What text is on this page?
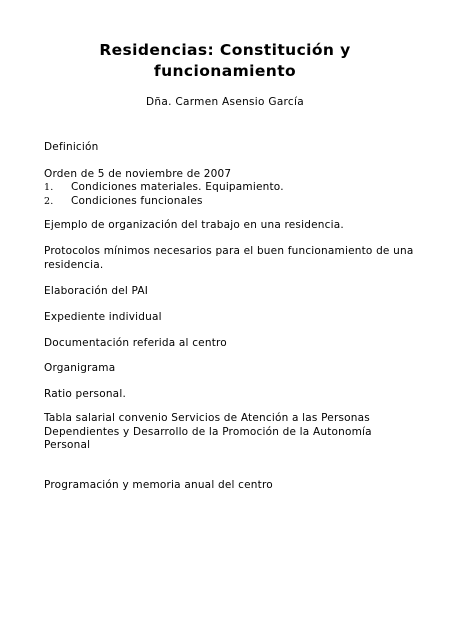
Residencias: Constitución y funcionamiento
Dña. Carmen Asensio García
Definición
Orden de 5 de noviembre de 2007
1.	Condiciones materiales. Equipamiento.
2.	Condiciones funcionales
Ejemplo de organización del trabajo en una residencia.
Protocolos mínimos necesarios para el buen funcionamiento de una residencia.
Elaboración del PAI
Expediente individual
Documentación referida al centro
Organigrama
Ratio personal.
Tabla salarial convenio Servicios de Atención a las Personas Dependientes y Desarrollo de la Promoción de la Autonomía Personal
Programación y memoria anual del centro
